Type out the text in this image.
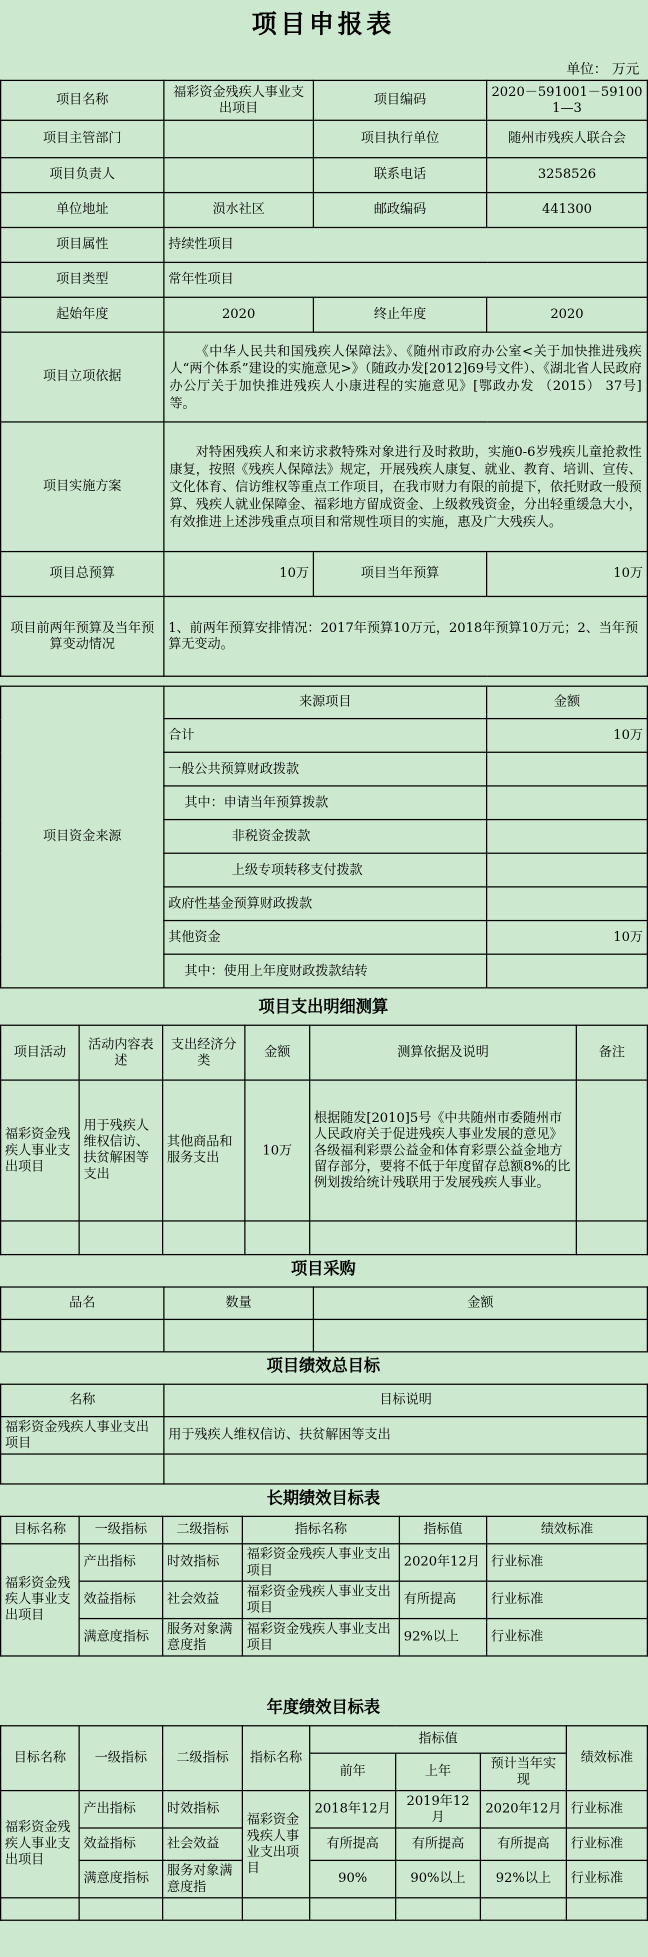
项目申报表
单位： 万元
项目名称	福彩资金残疾人事业支出项目	项目编码	2020－591001－591001—3
项目主管部门		项目执行单位	随州市残疾人联合会
项目负责人		联系电话	3258526
单位地址	涢水社区	邮政编码	441300
项目属性	持续性项目		
项目类型	常年性项目		
起始年度	2020	终止年度	2020
项目立项依据	《中华人民共和国残疾人保障法》、《随州市政府办公室<关于加快推进残疾人“两个体系”建设的实施意见>》（随政办发[2012]69号文件）、《湖北省人民政府办公厅关于加快推进残疾人小康进程的实施意见》[鄂政办发 （2015） 37号]等。		
项目实施方案	对特困残疾人和来访求救特殊对象进行及时救助，实施0-6岁残疾儿童抢救性康复，按照《残疾人保障法》规定，开展残疾人康复、就业、教育、培训、宣传、文化体育、信访维权等重点工作项目，在我市财力有限的前提下，依托财政一般预算、残疾人就业保障金、福彩地方留成资金、上级救残资金，分出轻重缓急大小，有效推进上述涉残重点项目和常规性项目的实施，惠及广大残疾人。		
项目总预算	10万	项目当年预算	10万
项目前两年预算及当年预算变动情况	1、前两年预算安排情况：2017年预算10万元，2018年预算10万元；2、当年预算无变动。		
项目资金来源	来源项目	金额
	合计	10万
	一般公共预算财政拨款	
	其中：申请当年预算拨款	
	非税资金拨款	
	上级专项转移支付拨款	
	政府性基金预算财政拨款	
	其他资金	10万
	其中：使用上年度财政拨款结转	
项目支出明细测算
项目活动	活动内容表述	支出经济分类	金额	测算依据及说明	备注
福彩资金残疾人事业支出项目	用于残疾人维权信访、扶贫解困等支出	其他商品和服务支出	10万	根据随发[2010]5号《中共随州市委随州市人民政府关于促进残疾人事业发展的意见》各级福利彩票公益金和体育彩票公益金地方留存部分，要将不低于年度留存总额8%的比例划拨给统计残联用于发展残疾人事业。	

项目采购
品名	数量	金额

项目绩效总目标
名称	目标说明
福彩资金残疾人事业支出项目	用于残疾人维权信访、扶贫解困等支出

长期绩效目标表
目标名称	一级指标	二级指标	指标名称	指标值	绩效标准
福彩资金残疾人事业支出项目	产出指标	时效指标	福彩资金残疾人事业支出项目	2020年12月	行业标准
	效益指标	社会效益	福彩资金残疾人事业支出项目	有所提高	行业标准
	满意度指标	服务对象满意度指	福彩资金残疾人事业支出项目	92%以上	行业标准
年度绩效目标表
目标名称	一级指标	二级指标	指标名称	指标值			绩效标准
				前年	上年	预计当年实现	
福彩资金残疾人事业支出项目	产出指标	时效指标	福彩资金残疾人事业支出项目	2018年12月	2019年12月	2020年12月	行业标准
	效益指标	社会效益		有所提高	有所提高	有所提高	行业标准
	满意度指标	服务对象满意度指		90%	90%以上	92%以上	行业标准
